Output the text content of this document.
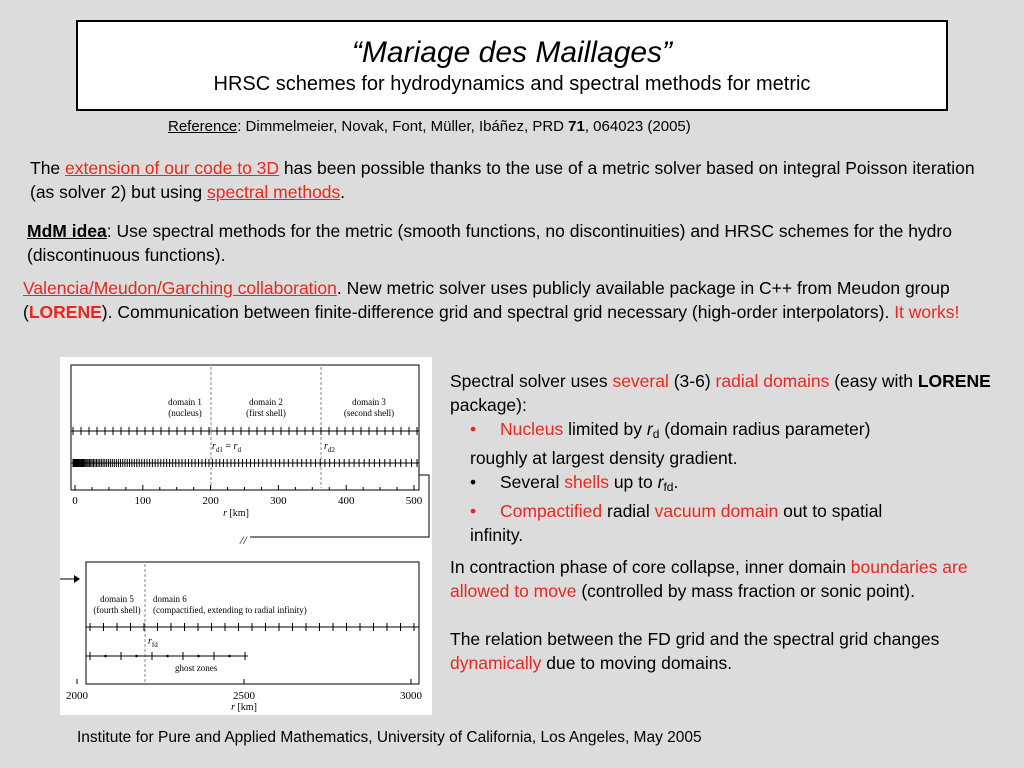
“Mariage des Maillages”
HRSC schemes for hydrodynamics and spectral methods for metric
Reference: Dimmelmeier, Novak, Font, Müller, Ibáñez, PRD 71, 064023 (2005)
The extension of our code to 3D has been possible thanks to the use of a metric solver based on integral Poisson iteration (as solver 2) but using spectral methods.
MdM idea: Use spectral methods for the metric (smooth functions, no discontinuities) and HRSC schemes for the hydro (discontinuous functions).
Valencia/Meudon/Garching collaboration. New metric solver uses publicly available package in C++ from Meudon group (LORENE). Communication between finite-difference grid and spectral grid necessary (high-order interpolators). It works!
domain 1
(nucleus)
domain 2
(first shell)
domain 3
(second shell)
$r_{d1} = r_d$	$r_{d2}$
0	100	200	300	400	500
r [km]
//
domain 5
(fourth shell)
domain 6
(compactified, extending to radial infinity)
$r_{fd}$
ghost zones
2000	2500	3000
r [km]
Spectral solver uses several (3-6) radial domains (easy with LORENE package):
• Nucleus limited by $r_d$ (domain radius parameter)
roughly at largest density gradient.
• Several shells up to $r_{fd}$.
• Compactified radial vacuum domain out to spatial
infinity.
In contraction phase of core collapse, inner domain boundaries are allowed to move (controlled by mass fraction or sonic point).
The relation between the FD grid and the spectral grid changes dynamically due to moving domains.
Institute for Pure and Applied Mathematics, University of California, Los Angeles, May 2005
